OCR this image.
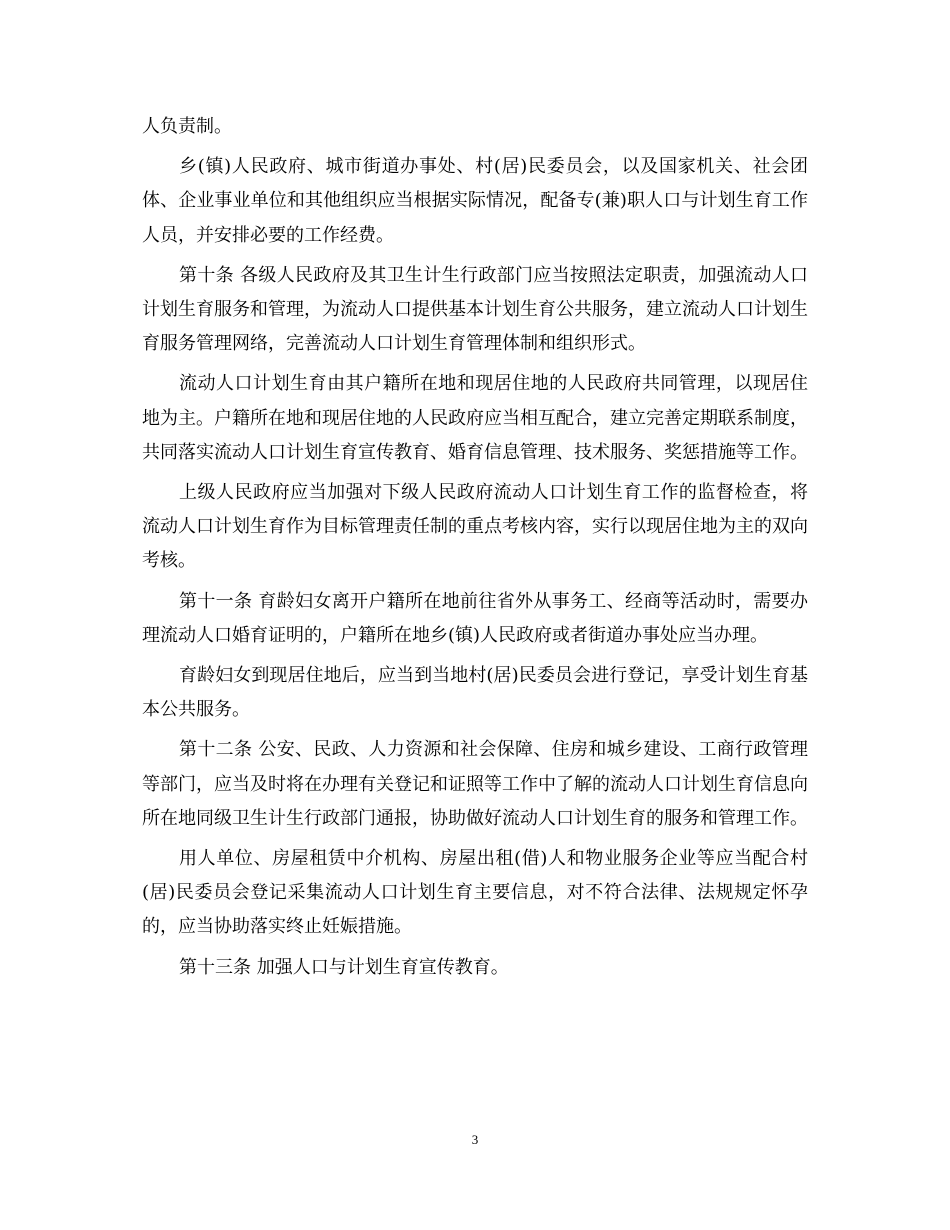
人负责制。

乡(镇)人民政府、城市街道办事处、村(居)民委员会，以及国家机关、社会团体、企业事业单位和其他组织应当根据实际情况，配备专(兼)职人口与计划生育工作人员，并安排必要的工作经费。

第十条 各级人民政府及其卫生计生行政部门应当按照法定职责，加强流动人口计划生育服务和管理，为流动人口提供基本计划生育公共服务，建立流动人口计划生育服务管理网络，完善流动人口计划生育管理体制和组织形式。

流动人口计划生育由其户籍所在地和现居住地的人民政府共同管理，以现居住地为主。户籍所在地和现居住地的人民政府应当相互配合，建立完善定期联系制度，共同落实流动人口计划生育宣传教育、婚育信息管理、技术服务、奖惩措施等工作。

上级人民政府应当加强对下级人民政府流动人口计划生育工作的监督检查，将流动人口计划生育作为目标管理责任制的重点考核内容，实行以现居住地为主的双向考核。

第十一条 育龄妇女离开户籍所在地前往省外从事务工、经商等活动时，需要办理流动人口婚育证明的，户籍所在地乡(镇)人民政府或者街道办事处应当办理。

育龄妇女到现居住地后，应当到当地村(居)民委员会进行登记，享受计划生育基本公共服务。

第十二条 公安、民政、人力资源和社会保障、住房和城乡建设、工商行政管理等部门，应当及时将在办理有关登记和证照等工作中了解的流动人口计划生育信息向所在地同级卫生计生行政部门通报，协助做好流动人口计划生育的服务和管理工作。

用人单位、房屋租赁中介机构、房屋出租(借)人和物业服务企业等应当配合村(居)民委员会登记采集流动人口计划生育主要信息，对不符合法律、法规规定怀孕的，应当协助落实终止妊娠措施。

第十三条 加强人口与计划生育宣传教育。

3
